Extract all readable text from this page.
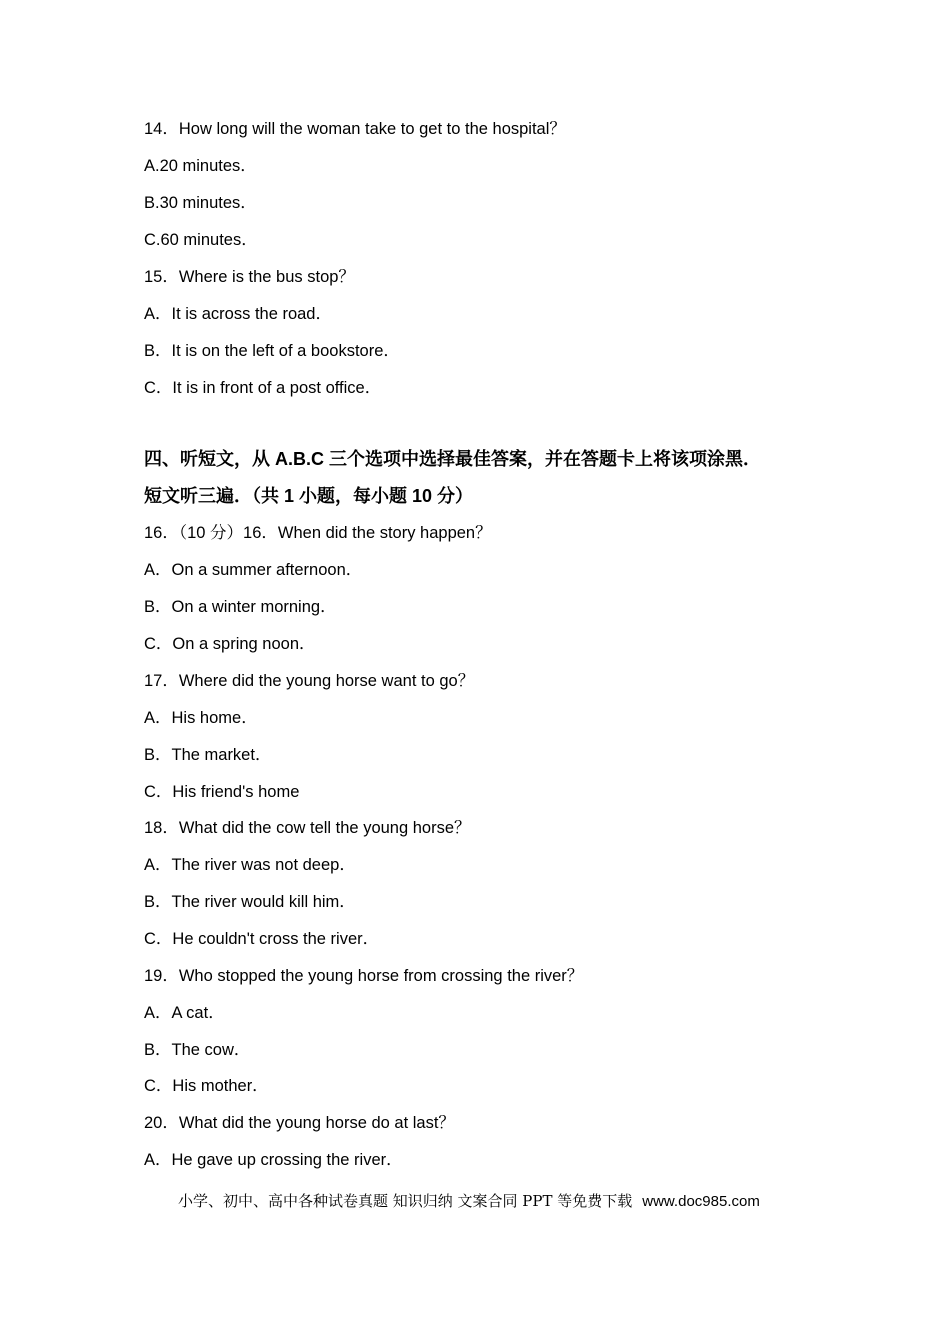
14．How long will the woman take to get to the hospital？
A.20 minutes．
B.30 minutes．
C.60 minutes．
15．Where is the bus stop？
A．It is across the road．
B．It is on the left of a bookstore．
C．It is in front of a post office．
四、听短文，从 A.B.C 三个选项中选择最佳答案，并在答题卡上将该项涂黑．
短文听三遍．（共 1 小题，每小题 10 分）
16．（10 分）16．When did the story happen？
A．On a summer afternoon．
B．On a winter morning．
C．On a spring noon．
17．Where did the young horse want to go？
A．His home．
B．The market．
C．His friend's home
18．What did the cow tell the young horse？
A．The river was not deep．
B．The river would kill him．
C．He couldn't cross the river．
19．Who stopped the young horse from crossing the river？
A．A cat．
B．The cow．
C．His mother．
20．What did the young horse do at last？
A．He gave up crossing the river．
小学、初中、高中各种试卷真题 知识归纳 文案合同 PPT 等免费下载 www.doc985.com
